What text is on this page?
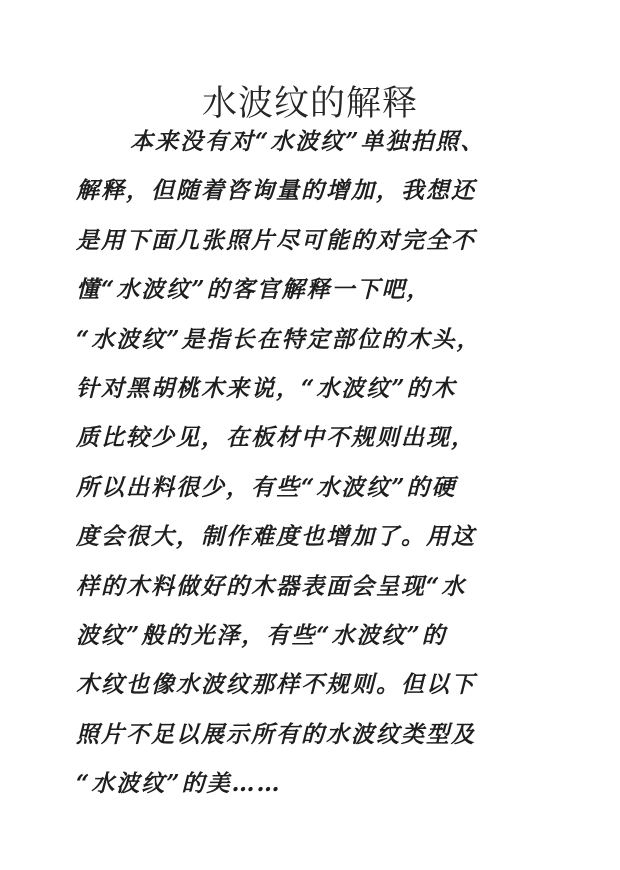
水波纹的解释
本来没有对“水波纹”单独拍照、
解释，但随着咨询量的增加，我想还
是用下面几张照片尽可能的对完全不
懂“水波纹”的客官解释一下吧，
“水波纹”是指长在特定部位的木头，
针对黑胡桃木来说，“水波纹”的木
质比较少见，在板材中不规则出现，
所以出料很少，有些“水波纹”的硬
度会很大，制作难度也增加了。用这
样的木料做好的木器表面会呈现“水
波纹”般的光泽，有些“水波纹”的
木纹也像水波纹那样不规则。但以下
照片不足以展示所有的水波纹类型及
“水波纹”的美……
